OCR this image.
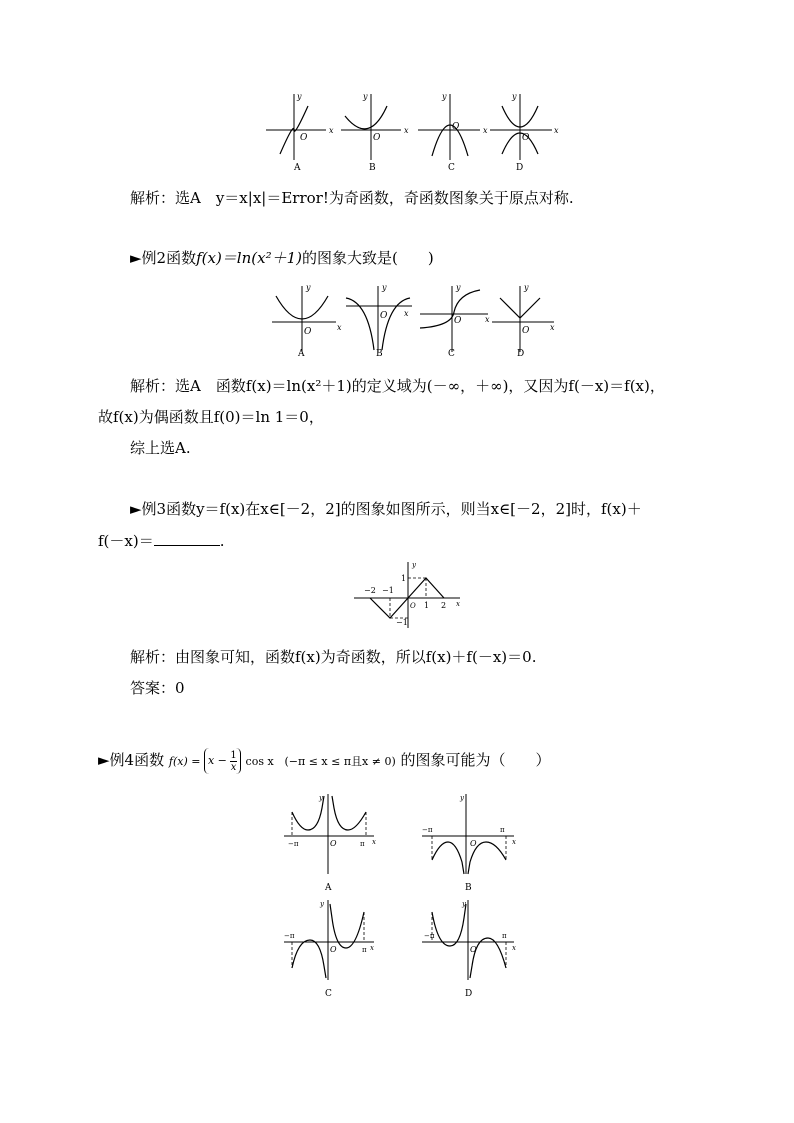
y
x
O
A
y
x
O
B
y
x
O
C
y
x
O
D
解析：选A　y＝x|x|＝Error!为奇函数，奇函数图象关于原点对称.
►例2函数f(x)＝ln(x²＋1)的图象大致是(　　)
y
x
O
A
y
x
O
B
y
x
O
C
y
x
O
D
解析：选A　函数f(x)＝ln(x²＋1)的定义域为(－∞，＋∞)，又因为f(－x)＝f(x)，
故f(x)为偶函数且f(0)＝ln 1＝0，
综上选A.
►例3函数y＝f(x)在x∈[－2，2]的图象如图所示，则当x∈[－2，2]时，f(x)＋
f(－x)＝	.
y
x
O
−2 −1
1 2
1
−1
解析：由图象可知，函数f(x)为奇函数，所以f(x)＋f(－x)＝0.
答案：0
►例4函数 $f(x) = x - \frac{1}{x}$ cos x (−π ≤ x ≤ π且x ≠ 0) 的图象可能为（　　）
y
x
O
−π	π
A
y
x
O
−π	π
B
y
x
O
−π
π
C
y
x
O
−π	π
D
